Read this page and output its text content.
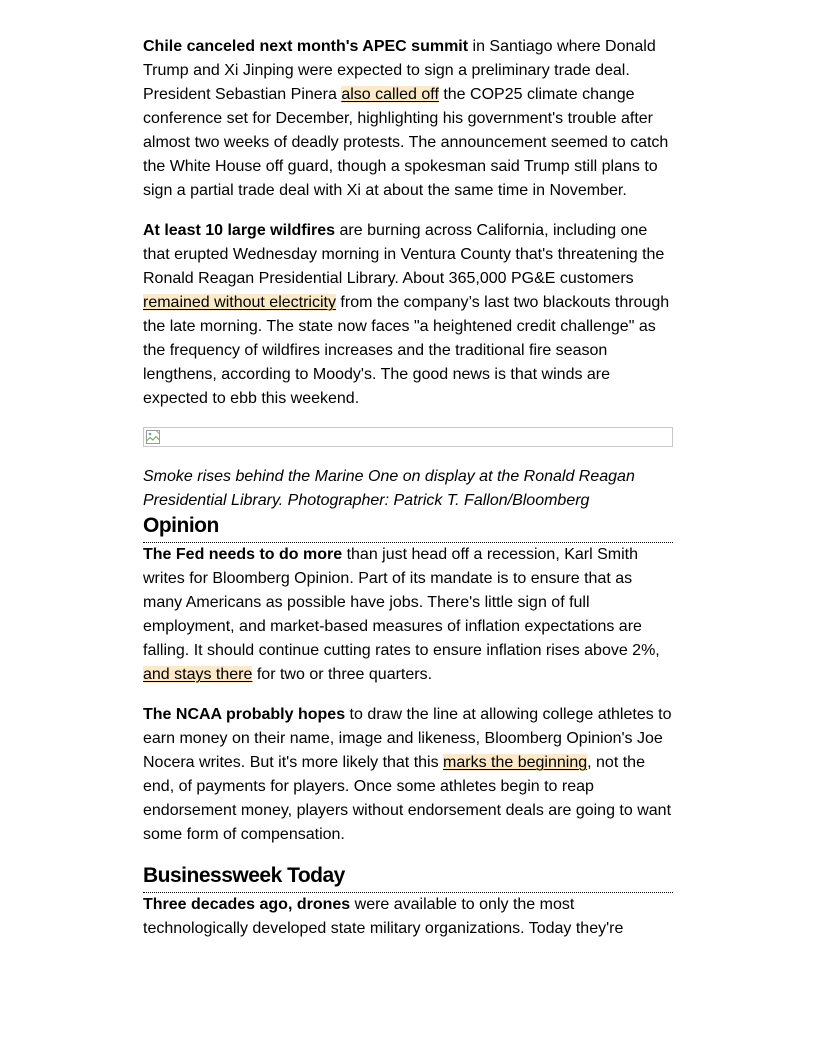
Chile canceled next month's APEC summit in Santiago where Donald Trump and Xi Jinping were expected to sign a preliminary trade deal. President Sebastian Pinera also called off the COP25 climate change conference set for December, highlighting his government's trouble after almost two weeks of deadly protests. The announcement seemed to catch the White House off guard, though a spokesman said Trump still plans to sign a partial trade deal with Xi at about the same time in November.

At least 10 large wildfires are burning across California, including one that erupted Wednesday morning in Ventura County that's threatening the Ronald Reagan Presidential Library. About 365,000 PG&E customers remained without electricity from the company’s last two blackouts through the late morning. The state now faces "a heightened credit challenge" as the frequency of wildfires increases and the traditional fire season lengthens, according to Moody's. The good news is that winds are expected to ebb this weekend.

Smoke rises behind the Marine One on display at the Ronald Reagan Presidential Library. Photographer: Patrick T. Fallon/Bloomberg

Opinion

The Fed needs to do more than just head off a recession, Karl Smith writes for Bloomberg Opinion. Part of its mandate is to ensure that as many Americans as possible have jobs. There's little sign of full employment, and market-based measures of inflation expectations are falling. It should continue cutting rates to ensure inflation rises above 2%, and stays there for two or three quarters.

The NCAA probably hopes to draw the line at allowing college athletes to earn money on their name, image and likeness, Bloomberg Opinion's Joe Nocera writes. But it's more likely that this marks the beginning, not the end, of payments for players. Once some athletes begin to reap endorsement money, players without endorsement deals are going to want some form of compensation.

Businessweek Today

Three decades ago, drones were available to only the most technologically developed state military organizations. Today they're
